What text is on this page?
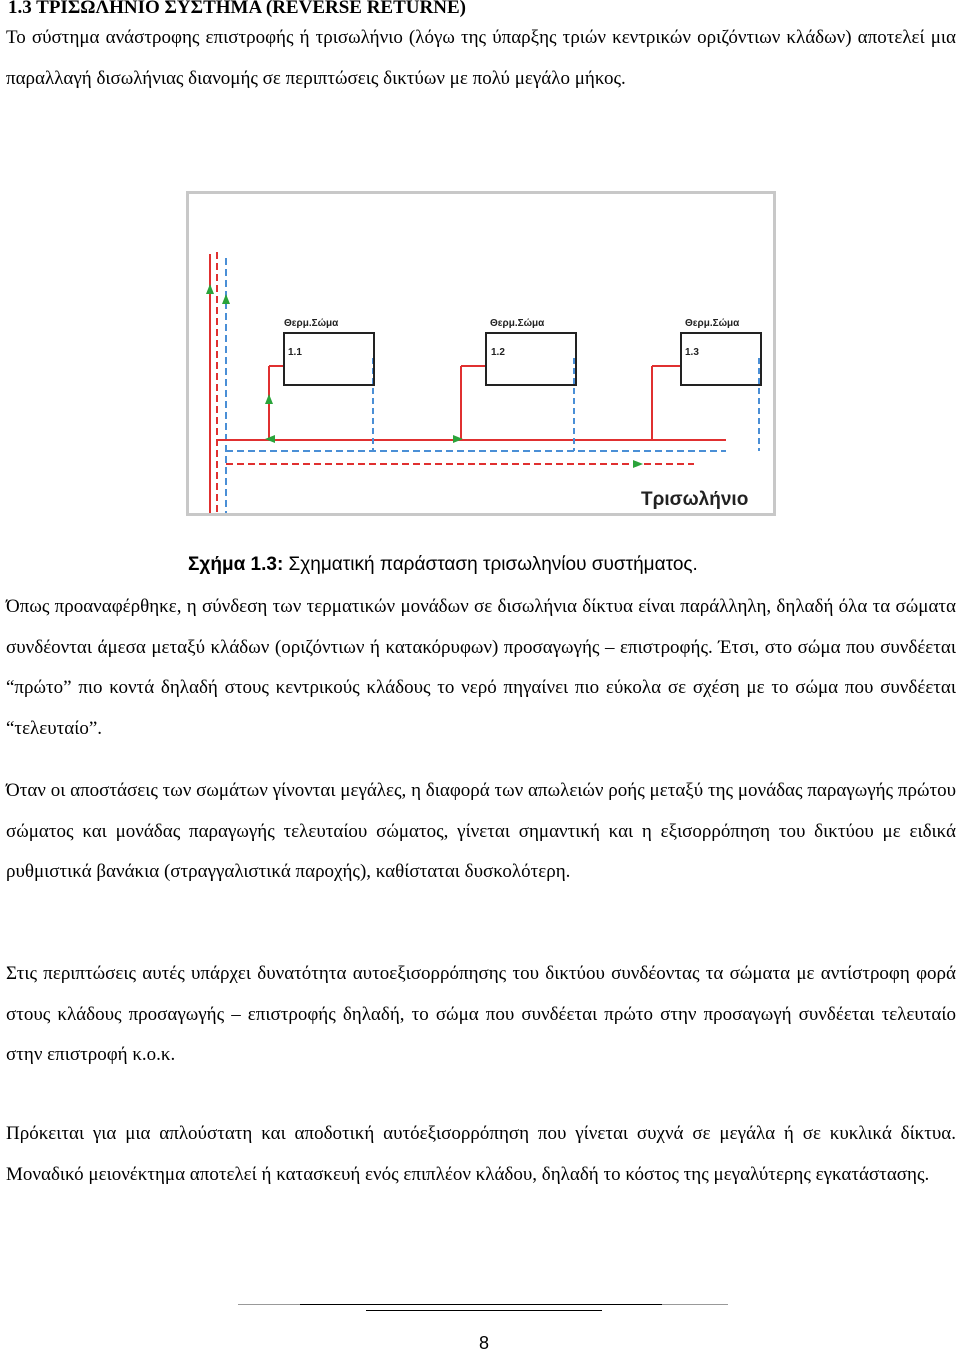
1.3 ΤΡΙΣΩΛΗΝΙΟ ΣΥΣΤΗΜΑ (REVERSE RETURNE)

Το σύστημα ανάστροφης επιστροφής ή τρισωλήνιο (λόγω της ύπαρξης τριών κεντρικών οριζόντιων κλάδων) αποτελεί μια παραλλαγή δισωλήνιας διανομής σε περιπτώσεις δικτύων με πολύ μεγάλο μήκος.

Θερμ.Σώμα
1.1
Θερμ.Σώμα
1.2
Θερμ.Σώμα
1.3
Τρισωλήνιο

Σχήμα 1.3: Σχηματική παράσταση τρισωληνίου συστήματος.

Όπως προαναφέρθηκε, η σύνδεση των τερματικών μονάδων σε δισωλήνια δίκτυα είναι παράλληλη, δηλαδή όλα τα σώματα συνδέονται άμεσα μεταξύ κλάδων (οριζόντιων ή κατακόρυφων) προσαγωγής – επιστροφής. Έτσι, στο σώμα που συνδέεται “πρώτο” πιο κοντά δηλαδή στους κεντρικούς κλάδους το νερό πηγαίνει πιο εύκολα σε σχέση με το σώμα που συνδέεται “τελευταίο”.

Όταν οι αποστάσεις των σωμάτων γίνονται μεγάλες, η διαφορά των απωλειών ροής μεταξύ της μονάδας παραγωγής πρώτου σώματος και μονάδας παραγωγής τελευταίου σώματος, γίνεται σημαντική και η εξισορρόπηση του δικτύου με ειδικά ρυθμιστικά βανάκια (στραγγαλιστικά παροχής), καθίσταται δυσκολότερη.

Στις περιπτώσεις αυτές υπάρχει δυνατότητα αυτοεξισορρόπησης του δικτύου συνδέοντας τα σώματα με αντίστροφη φορά στους κλάδους προσαγωγής – επιστροφής δηλαδή, το σώμα που συνδέεται πρώτο στην προσαγωγή συνδέεται τελευταίο στην επιστροφή κ.ο.κ.

Πρόκειται για μια απλούστατη και αποδοτική αυτόεξισορρόπηση που γίνεται συχνά σε μεγάλα ή σε κυκλικά δίκτυα. Μοναδικό μειονέκτημα αποτελεί ή κατασκευή ενός επιπλέον κλάδου, δηλαδή το κόστος της μεγαλύτερης εγκατάστασης.

8
